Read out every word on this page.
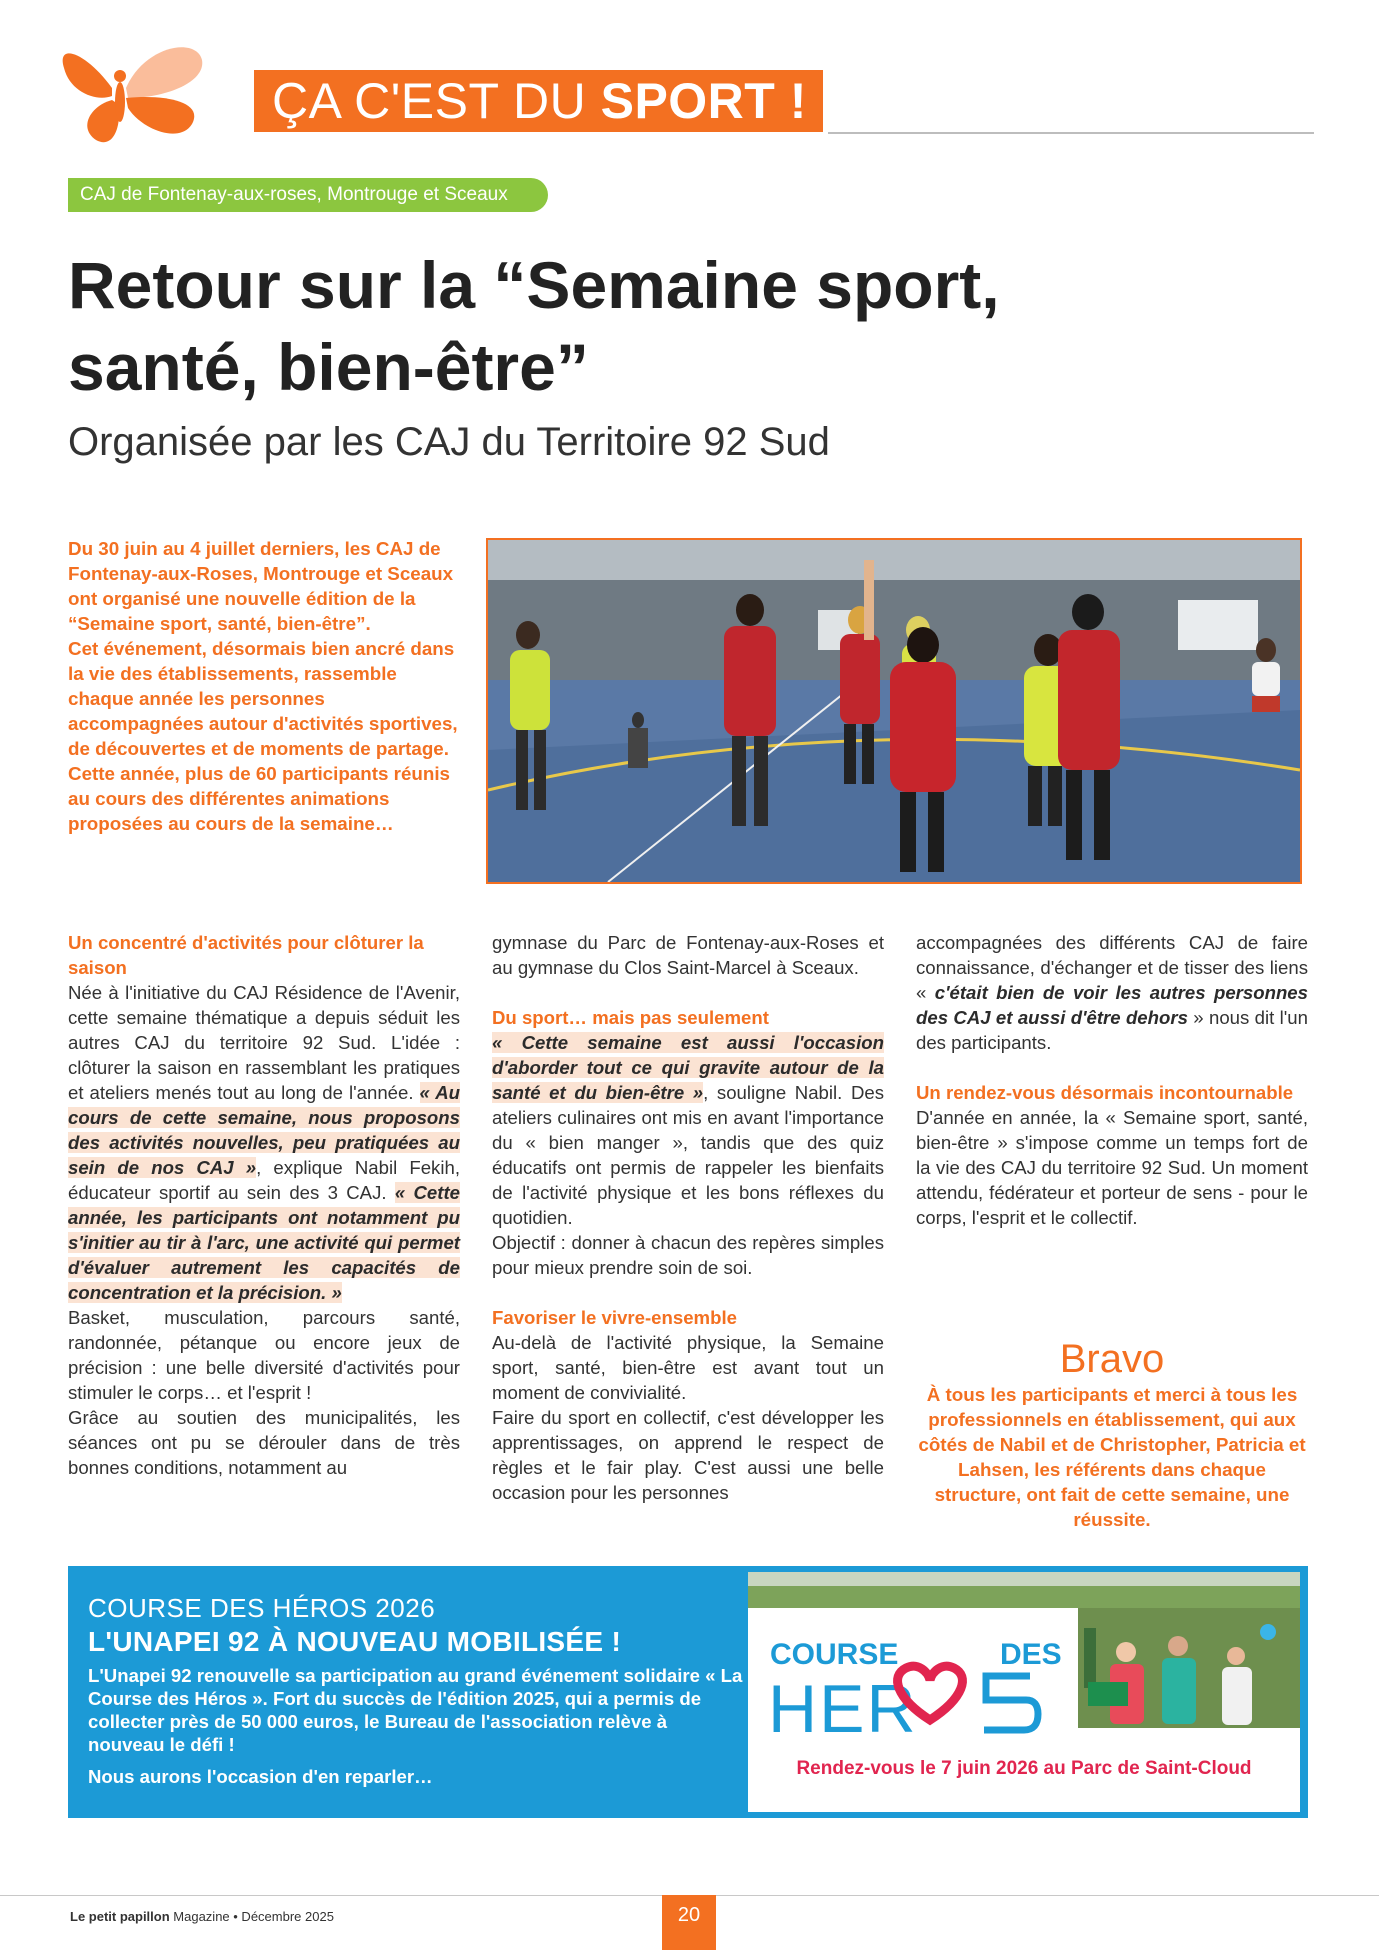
ÇA C'EST DU SPORT !
CAJ de Fontenay-aux-roses, Montrouge et Sceaux
Retour sur la “Semaine sport, santé, bien-être”
Organisée par les CAJ du Territoire 92 Sud

Du 30 juin au 4 juillet derniers, les CAJ de Fontenay-aux-Roses, Montrouge et Sceaux ont organisé une nouvelle édition de la “Semaine sport, santé, bien-être”.

Cet événement, désormais bien ancré dans la vie des établissements, rassemble chaque année les personnes accompagnées autour d'activités sportives, de découvertes et de moments de partage. Cette année, plus de 60 participants réunis au cours des différentes animations proposées au cours de la semaine…

Un concentré d'activités pour clôturer la saison

Née à l'initiative du CAJ Résidence de l'Avenir, cette semaine thématique a depuis séduit les autres CAJ du territoire 92 Sud. L'idée : clôturer la saison en rassemblant les pratiques et ateliers menés tout au long de l'année. « Au cours de cette semaine, nous proposons des activités nouvelles, peu pratiquées au sein de nos CAJ », explique Nabil Fekih, éducateur sportif au sein des 3 CAJ. « Cette année, les participants ont notamment pu s'initier au tir à l'arc, une activité qui permet d'évaluer autrement les capacités de concentration et la précision. »

Basket, musculation, parcours santé, randonnée, pétanque ou encore jeux de précision : une belle diversité d'activités pour stimuler le corps… et l'esprit !

Grâce au soutien des municipalités, les séances ont pu se dérouler dans de très bonnes conditions, notamment au

gymnase du Parc de Fontenay-aux-Roses et au gymnase du Clos Saint-Marcel à Sceaux.

Du sport… mais pas seulement

« Cette semaine est aussi l'occasion d'aborder tout ce qui gravite autour de la santé et du bien-être », souligne Nabil. Des ateliers culinaires ont mis en avant l'importance du « bien manger », tandis que des quiz éducatifs ont permis de rappeler les bienfaits de l'activité physique et les bons réflexes du quotidien.

Objectif : donner à chacun des repères simples pour mieux prendre soin de soi.

Favoriser le vivre-ensemble

Au-delà de l'activité physique, la Semaine sport, santé, bien-être est avant tout un moment de convivialité.

Faire du sport en collectif, c'est développer les apprentissages, on apprend le respect de règles et le fair play. C'est aussi une belle occasion pour les personnes

accompagnées des différents CAJ de faire connaissance, d'échanger et de tisser des liens « c'était bien de voir les autres personnes des CAJ et aussi d'être dehors » nous dit l'un des participants.

Un rendez-vous désormais incontournable

D'année en année, la « Semaine sport, santé, bien-être » s'impose comme un temps fort de la vie des CAJ du territoire 92 Sud. Un moment attendu, fédérateur et porteur de sens - pour le corps, l'esprit et le collectif.

Bravo
À tous les participants et merci à tous les professionnels en établissement, qui aux côtés de Nabil et de Christopher, Patricia et Lahsen, les référents dans chaque structure, ont fait de cette semaine, une réussite.
COURSE DES HÉROS 2026
L'UNAPEI 92 À NOUVEAU MOBILISÉE !
L'Unapei 92 renouvelle sa participation au grand événement solidaire « La Course des Héros ». Fort du succès de l'édition 2025, qui a permis de collecter près de 50 000 euros, le Bureau de l'association relève à nouveau le défi !
Nous aurons l'occasion d'en reparler…
COURSE	DES
HER
Rendez-vous le 7 juin 2026 au Parc de Saint-Cloud
Le petit papillon Magazine • Décembre 2025	20
